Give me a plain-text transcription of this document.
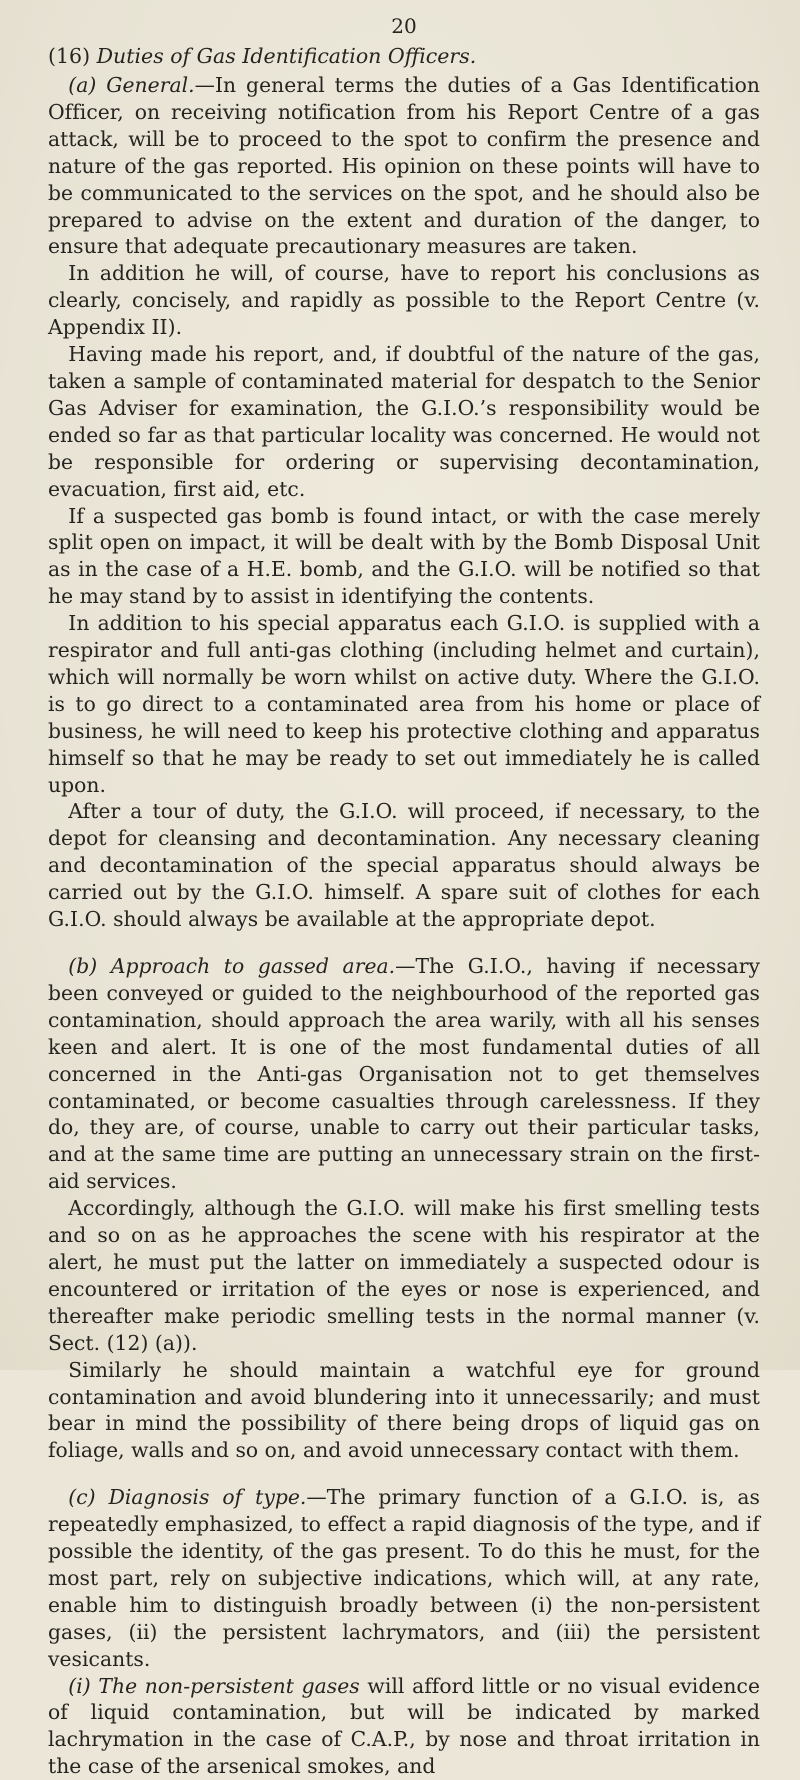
20
(16) Duties of Gas Identification Officers.

(a) General.—In general terms the duties of a Gas Identification Officer, on receiving notification from his Report Centre of a gas attack, will be to proceed to the spot to confirm the presence and nature of the gas reported. His opinion on these points will have to be communicated to the services on the spot, and he should also be prepared to advise on the extent and duration of the danger, to ensure that adequate precautionary measures are taken.

In addition he will, of course, have to report his conclusions as clearly, concisely, and rapidly as possible to the Report Centre (v. Appendix II).

Having made his report, and, if doubtful of the nature of the gas, taken a sample of contaminated material for despatch to the Senior Gas Adviser for examination, the G.I.O.’s responsibility would be ended so far as that particular locality was concerned. He would not be responsible for ordering or supervising decontamination, evacuation, first aid, etc.

If a suspected gas bomb is found intact, or with the case merely split open on impact, it will be dealt with by the Bomb Disposal Unit as in the case of a H.E. bomb, and the G.I.O. will be notified so that he may stand by to assist in identifying the contents.

In addition to his special apparatus each G.I.O. is supplied with a respirator and full anti-gas clothing (including helmet and curtain), which will normally be worn whilst on active duty. Where the G.I.O. is to go direct to a contaminated area from his home or place of business, he will need to keep his protective clothing and apparatus himself so that he may be ready to set out immediately he is called upon.

After a tour of duty, the G.I.O. will proceed, if necessary, to the depot for cleansing and decontamination. Any necessary cleaning and decontamination of the special apparatus should always be carried out by the G.I.O. himself. A spare suit of clothes for each G.I.O. should always be available at the appropriate depot.

(b) Approach to gassed area.—The G.I.O., having if necessary been conveyed or guided to the neighbourhood of the reported gas contamination, should approach the area warily, with all his senses keen and alert. It is one of the most fundamental duties of all concerned in the Anti-gas Organisation not to get themselves contaminated, or become casualties through carelessness. If they do, they are, of course, unable to carry out their particular tasks, and at the same time are putting an unnecessary strain on the first-aid services.

Accordingly, although the G.I.O. will make his first smelling tests and so on as he approaches the scene with his respirator at the alert, he must put the latter on immediately a suspected odour is encountered or irritation of the eyes or nose is experienced, and thereafter make periodic smelling tests in the normal manner (v. Sect. (12) (a)).

Similarly he should maintain a watchful eye for ground contamination and avoid blundering into it unnecessarily; and must bear in mind the possibility of there being drops of liquid gas on foliage, walls and so on, and avoid unnecessary contact with them.

(c) Diagnosis of type.—The primary function of a G.I.O. is, as repeatedly emphasized, to effect a rapid diagnosis of the type, and if possible the identity, of the gas present. To do this he must, for the most part, rely on subjective indications, which will, at any rate, enable him to distinguish broadly between (i) the non-persistent gases, (ii) the persistent lachrymators, and (iii) the persistent vesicants.

(i) The non-persistent gases will afford little or no visual evidence of liquid contamination, but will be indicated by marked lachrymation in the case of C.A.P., by nose and throat irritation in the case of the arsenical smokes, and
